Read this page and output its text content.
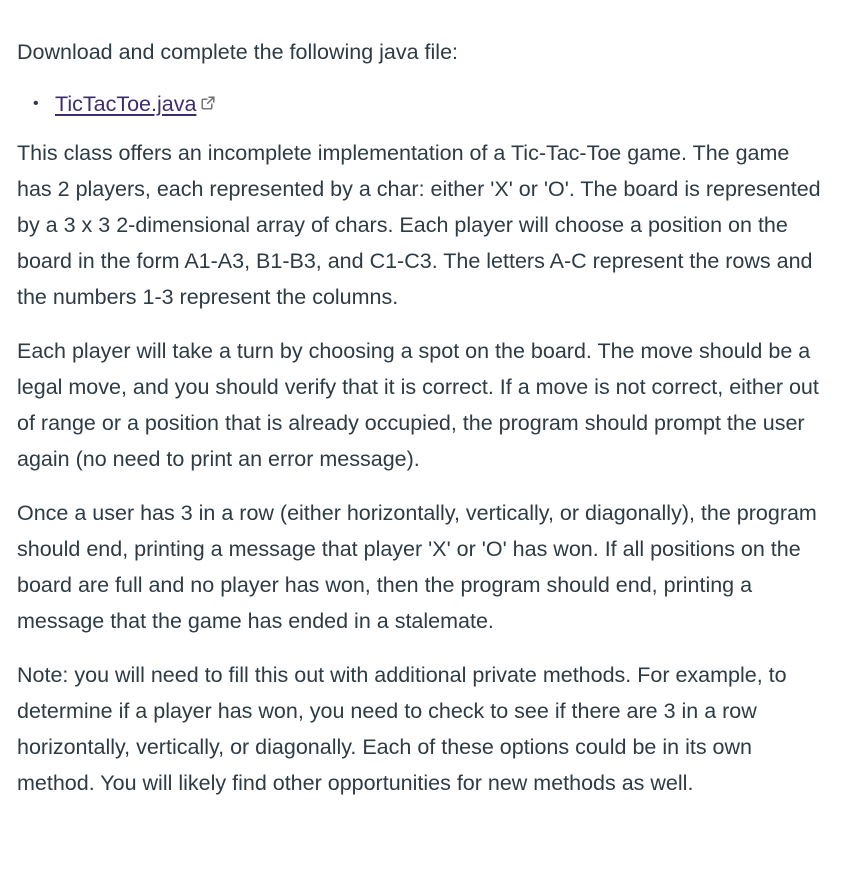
Download and complete the following java file:

• TicTacToe.java

This class offers an incomplete implementation of a Tic-Tac-Toe game. The game has 2 players, each represented by a char: either 'X' or 'O'. The board is represented by a 3 x 3 2-dimensional array of chars. Each player will choose a position on the board in the form A1-A3, B1-B3, and C1-C3. The letters A-C represent the rows and the numbers 1-3 represent the columns.

Each player will take a turn by choosing a spot on the board. The move should be a legal move, and you should verify that it is correct. If a move is not correct, either out of range or a position that is already occupied, the program should prompt the user again (no need to print an error message).

Once a user has 3 in a row (either horizontally, vertically, or diagonally), the program should end, printing a message that player 'X' or 'O' has won. If all positions on the board are full and no player has won, then the program should end, printing a message that the game has ended in a stalemate.

Note: you will need to fill this out with additional private methods. For example, to determine if a player has won, you need to check to see if there are 3 in a row horizontally, vertically, or diagonally. Each of these options could be in its own method. You will likely find other opportunities for new methods as well.
